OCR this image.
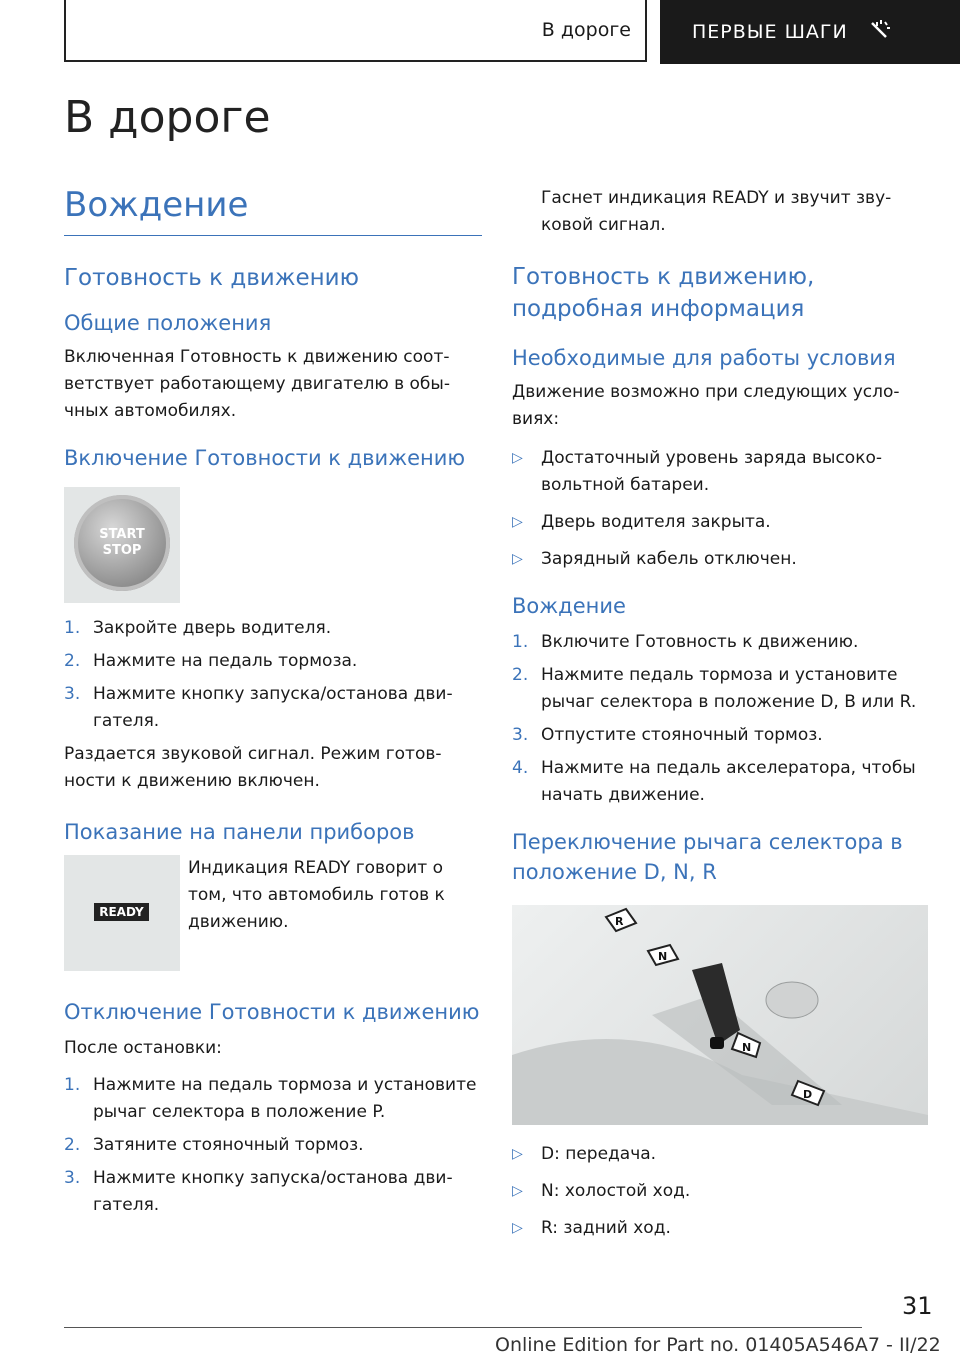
В дороге	ПЕРВЫЕ ШАГИ
В дороге
Вождение
Готовность к движению
Общие положения

Включенная Готовность к движению соответствует работающему двигателю в обычных автомобилях.

Включение Готовности к движению
START
STOP
1. Закройте дверь водителя.
2. Нажмите на педаль тормоза.
3. Нажмите кнопку запуска/останова двигателя.

Раздается звуковой сигнал. Режим готовности к движению включен.

Показание на панели приборов
READY

Индикация READY говорит о том, что автомобиль готов к движению.

Отключение Готовности к движению

После остановки:

1. Нажмите на педаль тормоза и установите рычаг селектора в положение P.
2. Затяните стояночный тормоз.
3. Нажмите кнопку запуска/останова двигателя.

Гаснет индикация READY и звучит звуковой сигнал.

Готовность к движению, подробная информация
Необходимые для работы условия

Движение возможно при следующих условиях:

▷	Достаточный уровень заряда высоковольтной батареи.
▷	Дверь водителя закрыта.
▷	Зарядный кабель отключен.
Вождение
1. Включите Готовность к движению.
2. Нажмите педаль тормоза и установите рычаг селектора в положение D, B или R.
3. Отпустите стояночный тормоз.
4. Нажмите на педаль акселератора, чтобы начать движение.
Переключение рычага селектора в положение D, N, R
R
N
N
D
▷	D: передача.
▷	N: холостой ход.
▷	R: задний ход.
31
Online Edition for Part no. 01405A546A7 - II/22
